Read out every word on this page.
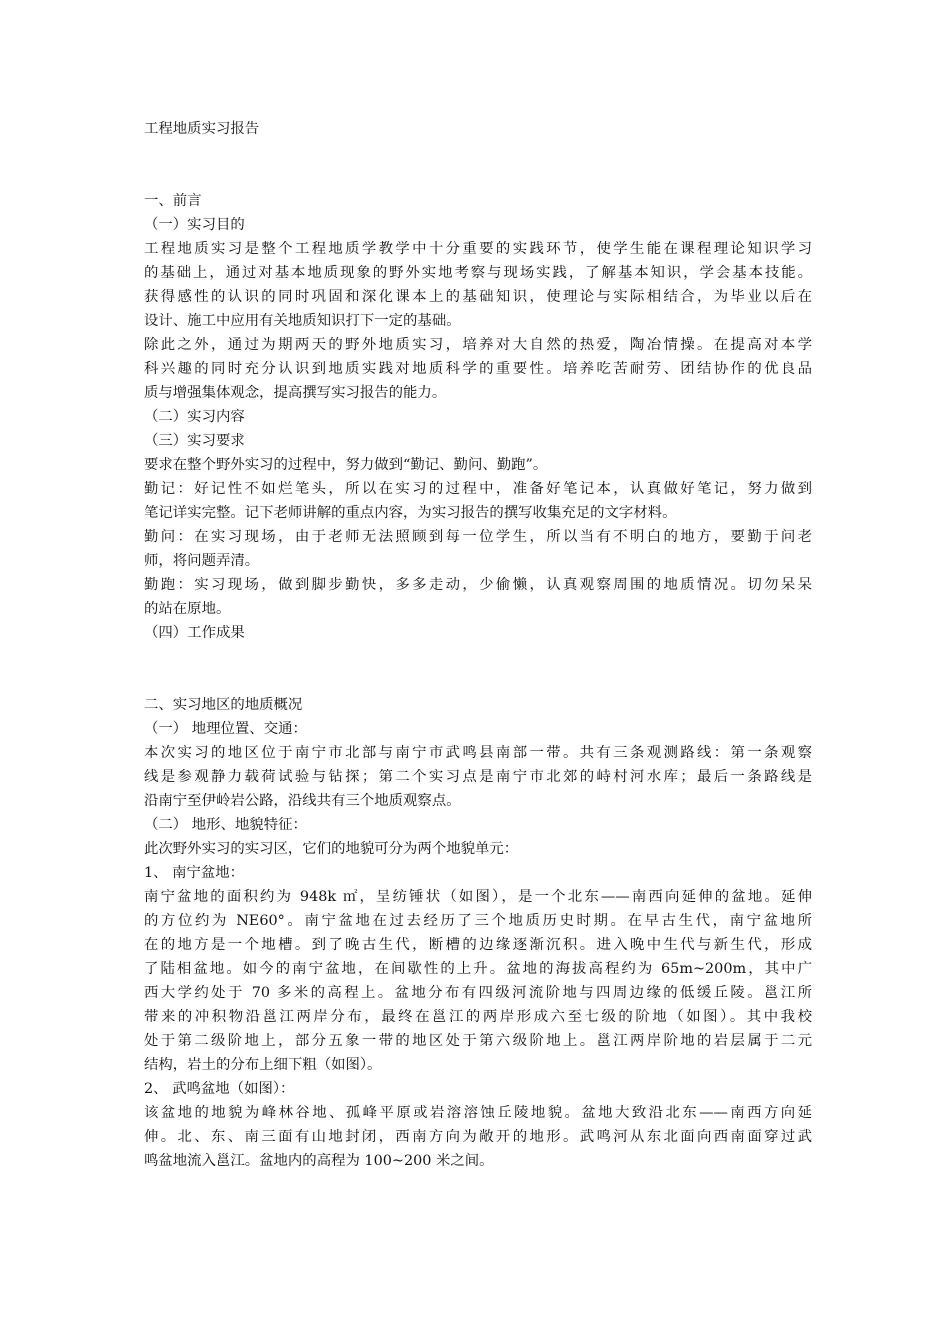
工程地质实习报告

一、前言

（一）实习目的

工程地质实习是整个工程地质学教学中十分重要的实践环节，使学生能在课程理论知识学习

的基础上，通过对基本地质现象的野外实地考察与现场实践，了解基本知识，学会基本技能。

获得感性的认识的同时巩固和深化课本上的基础知识，使理论与实际相结合，为毕业以后在

设计、施工中应用有关地质知识打下一定的基础。

除此之外，通过为期两天的野外地质实习，培养对大自然的热爱，陶冶情操。在提高对本学

科兴趣的同时充分认识到地质实践对地质科学的重要性。培养吃苦耐劳、团结协作的优良品

质与增强集体观念，提高撰写实习报告的能力。

（二）实习内容

（三）实习要求

要求在整个野外实习的过程中，努力做到“勤记、勤问、勤跑”。

勤记：好记性不如烂笔头，所以在实习的过程中，准备好笔记本，认真做好笔记，努力做到

笔记详实完整。记下老师讲解的重点内容，为实习报告的撰写收集充足的文字材料。

勤问：在实习现场，由于老师无法照顾到每一位学生，所以当有不明白的地方，要勤于问老

师，将问题弄清。

勤跑：实习现场，做到脚步勤快，多多走动，少偷懒，认真观察周围的地质情况。切勿呆呆

的站在原地。

（四）工作成果

二、实习地区的地质概况

（一） 地理位置、交通：

本次实习的地区位于南宁市北部与南宁市武鸣县南部一带。共有三条观测路线：第一条观察

线是参观静力载荷试验与钻探；第二个实习点是南宁市北郊的峙村河水库；最后一条路线是

沿南宁至伊岭岩公路，沿线共有三个地质观察点。

（二） 地形、地貌特征：

此次野外实习的实习区，它们的地貌可分为两个地貌单元：

1、 南宁盆地：

南宁盆地的面积约为 948k ㎡，呈纺锤状（如图），是一个北东——南西向延伸的盆地。延伸

的方位约为 NE60°。南宁盆地在过去经历了三个地质历史时期。在早古生代，南宁盆地所

在的地方是一个地槽。到了晚古生代，断槽的边缘逐渐沉积。进入晚中生代与新生代，形成

了陆相盆地。如今的南宁盆地，在间歇性的上升。盆地的海拔高程约为 65m~200m，其中广

西大学约处于 70 多米的高程上。盆地分布有四级河流阶地与四周边缘的低缓丘陵。邕江所

带来的冲积物沿邕江两岸分布，最终在邕江的两岸形成六至七级的阶地（如图）。其中我校

处于第二级阶地上，部分五象一带的地区处于第六级阶地上。邕江两岸阶地的岩层属于二元

结构，岩土的分布上细下粗（如图）。

2、 武鸣盆地（如图）：

该盆地的地貌为峰林谷地、孤峰平原或岩溶溶蚀丘陵地貌。盆地大致沿北东——南西方向延

伸。北、东、南三面有山地封闭，西南方向为敞开的地形。武鸣河从东北面向西南面穿过武

鸣盆地流入邕江。盆地内的高程为 100~200 米之间。
